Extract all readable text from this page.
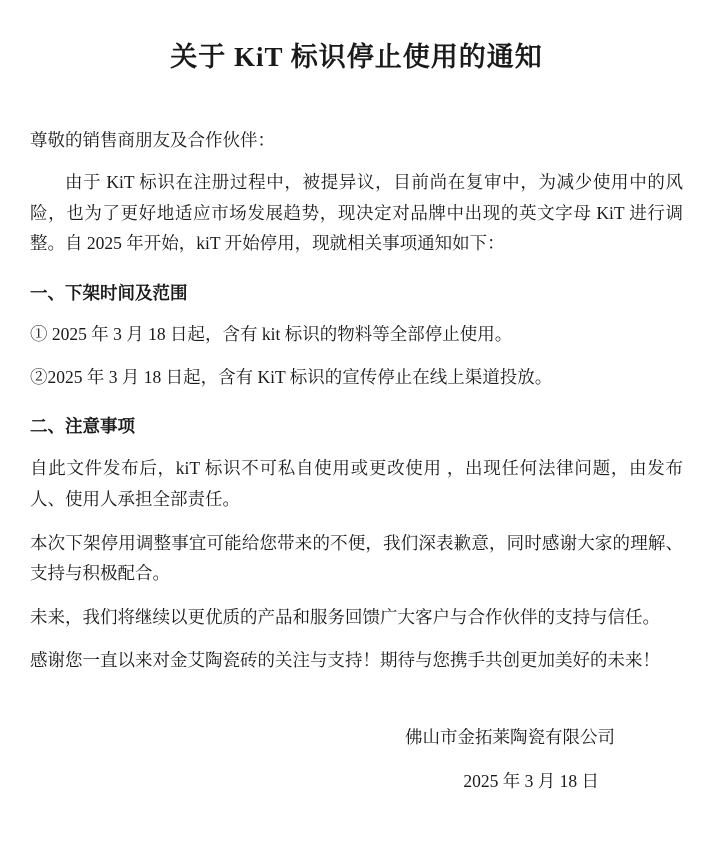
关于 KiT 标识停止使用的通知
尊敬的销售商朋友及合作伙伴：

由于 KiT 标识在注册过程中，被提异议，目前尚在复审中，为减少使用中的风险，也为了更好地适应市场发展趋势，现决定对品牌中出现的英文字母 KiT 进行调整。自 2025 年开始，kiT 开始停用，现就相关事项通知如下：

一、下架时间及范围
① 2025 年 3 月 18 日起，含有 kit 标识的物料等全部停止使用。
②2025 年 3 月 18 日起，含有 KiT 标识的宣传停止在线上渠道投放。
二、注意事项

自此文件发布后，kiT 标识不可私自使用或更改使用 ，出现任何法律问题，由发布人、使用人承担全部责任。

本次下架停用调整事宜可能给您带来的不便，我们深表歉意，同时感谢大家的理解、支持与积极配合。

未来，我们将继续以更优质的产品和服务回馈广大客户与合作伙伴的支持与信任。

感谢您一直以来对金艾陶瓷砖的关注与支持！期待与您携手共创更加美好的未来！

佛山市金拓莱陶瓷有限公司
2025 年 3 月 18 日
